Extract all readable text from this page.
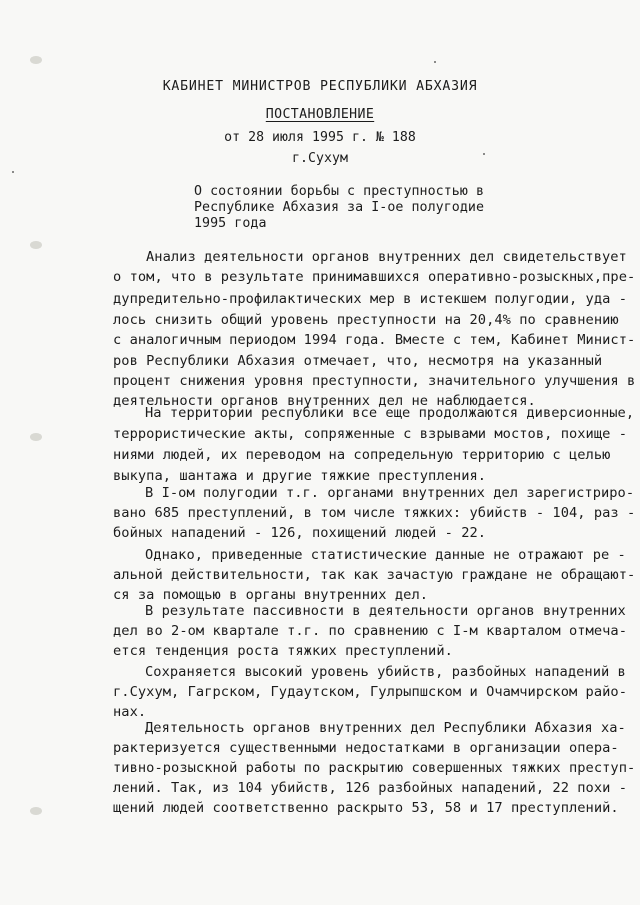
КАБИНЕТ МИНИСТРОВ РЕСПУБЛИКИ АБХАЗИЯ
ПОСТАНОВЛЕНИЕ
от 28 июля 1995 г. № 188
г.Сухум
О состоянии борьбы с преступностью в
Республике Абхазия за I-ое полугодие
1995 года
Анализ деятельности органов внутренних дел свидетельствует
о том, что в результате принимавшихся оперативно-розыскных,пре-
дупредительно-профилактических мер в истекшем полугодии, уда -
лось снизить общий уровень преступности на 20,4% по сравнению
с аналогичным периодом 1994 года. Вместе с тем, Кабинет Минист-
ров Республики Абхазия отмечает, что, несмотря на указанный
процент снижения уровня преступности, значительного улучшения в
деятельности органов внутренних дел не наблюдается.
На территории республики все еще продолжаются диверсионные,
террористические акты, сопряженные с взрывами мостов, похище -
ниями людей, их переводом на сопредельную территорию с целью
выкупа, шантажа и другие тяжкие преступления.
В I-ом полугодии т.г. органами внутренних дел зарегистриро-
вано 685 преступлений, в том числе тяжких: убийств - 104, раз -
бойных нападений - 126, похищений людей - 22.
Однако, приведенные статистические данные не отражают ре -
альной действительности, так как зачастую граждане не обращают-
ся за помощью в органы внутренних дел.
В результате пассивности в деятельности органов внутренних
дел во 2-ом квартале т.г. по сравнению с I-м кварталом отмеча-
ется тенденция роста тяжких преступлений.
Сохраняется высокий уровень убийств, разбойных нападений в
г.Сухум, Гагрском, Гудаутском, Гулрыпшском и Очамчирском райо-
нах.
Деятельность органов внутренних дел Республики Абхазия ха-
рактеризуется существенными недостатками в организации опера-
тивно-розыскной работы по раскрытию совершенных тяжких преступ-
лений. Так, из 104 убийств, 126 разбойных нападений, 22 похи -
щений людей соответственно раскрыто 53, 58 и 17 преступлений.
